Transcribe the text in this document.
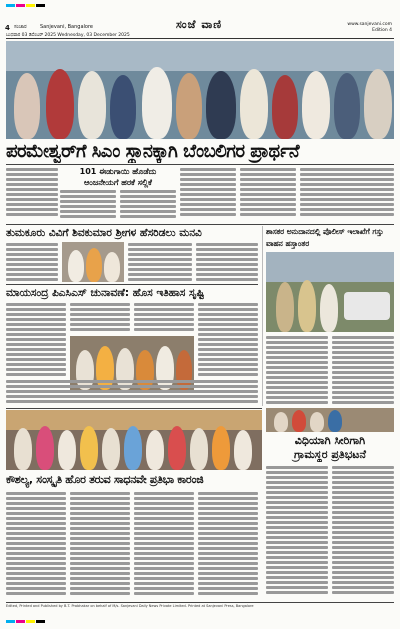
4 ಸಂಚಾರ	Sanjevani, Bangalore	ಸಂಜೆ ವಾಣಿ	www.sanjevani.com
Edition 4
ಬುಧವಾರ 03 ಡಿಸೆಂಬರ್ 2025 Wednesday, 03 December 2025
ಪರಮೇಶ್ವರ್‌ಗೆ ಸಿಎಂ ಸ್ಥಾನಕ್ಕಾಗಿ ಬೆಂಬಲಿಗರ ಪ್ರಾರ್ಥನೆ
101 ಈಡುಗಾಯಿ ಹೊಡೆದು
ಆಂಜನೇಯಗೆ ಹರಕೆ ಸಲ್ಲಿಕೆ
ತುಮಕೂರು ವಿವಿಗೆ ಶಿವಕುಮಾರ ಶ್ರೀಗಳ ಹೆಸರಿಡಲು ಮನವಿ	ಶಾಸಕರ ಅನುದಾನದಲ್ಲಿ ಪೊಲೀಸ್ ಇಲಾಖೆಗೆ ಗಸ್ತು ವಾಹನ ಹಸ್ತಾಂತರ
ಮಾಯಸಂದ್ರ ಪಿಎಸಿಎಸ್ ಚುನಾವಣೆ: ಹೊಸ ಇತಿಹಾಸ ಸೃಷ್ಟಿ
ವಿಧಿಯಾಗಿ ಸೀರಿಗಾಗಿ
ಗ್ರಾಮಸ್ಥರ ಪ್ರತಿಭಟನೆ
ಕೌಶಲ್ಯ, ಸಂಸ್ಕೃತಿ ಹೊರ ತರುವ ಸಾಧನವೇ ಪ್ರತಿಭಾ ಕಾರಂಜಿ
Edited, Printed and Published by B.T. Prabhakar on behalf of M/s. Sanjevani Daily News Private Limited. Printed at Sanjevani Press, Bangalore
